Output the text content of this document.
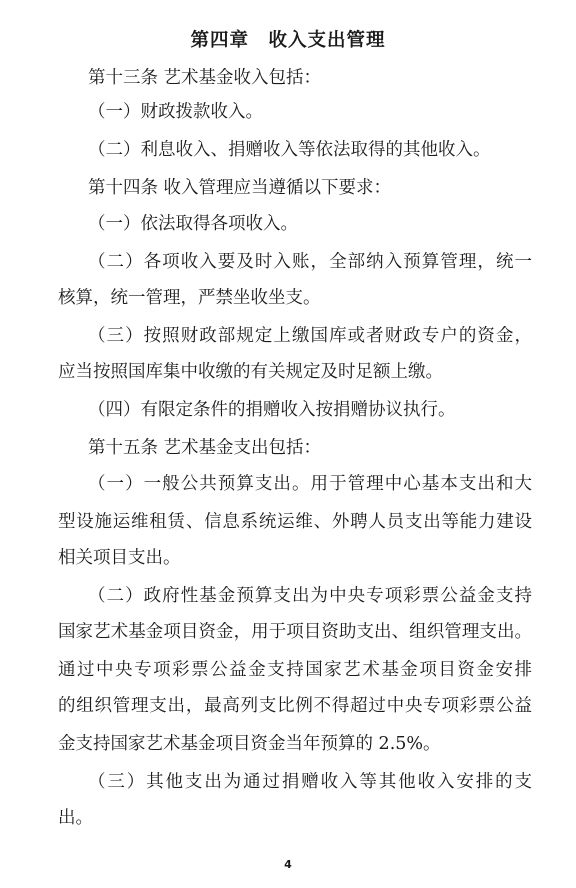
第四章　收入支出管理
第十三条 艺术基金收入包括：
（一）财政拨款收入。
（二）利息收入、捐赠收入等依法取得的其他收入。
第十四条 收入管理应当遵循以下要求：
（一）依法取得各项收入。
（二）各项收入要及时入账，全部纳入预算管理，统一
核算，统一管理，严禁坐收坐支。
（三）按照财政部规定上缴国库或者财政专户的资金，
应当按照国库集中收缴的有关规定及时足额上缴。
（四）有限定条件的捐赠收入按捐赠协议执行。
第十五条 艺术基金支出包括：
（一）一般公共预算支出。用于管理中心基本支出和大
型设施运维租赁、信息系统运维、外聘人员支出等能力建设
相关项目支出。
（二）政府性基金预算支出为中央专项彩票公益金支持
国家艺术基金项目资金，用于项目资助支出、组织管理支出。
通过中央专项彩票公益金支持国家艺术基金项目资金安排
的组织管理支出，最高列支比例不得超过中央专项彩票公益
金支持国家艺术基金项目资金当年预算的 2.5%。
（三）其他支出为通过捐赠收入等其他收入安排的支
出。
4
